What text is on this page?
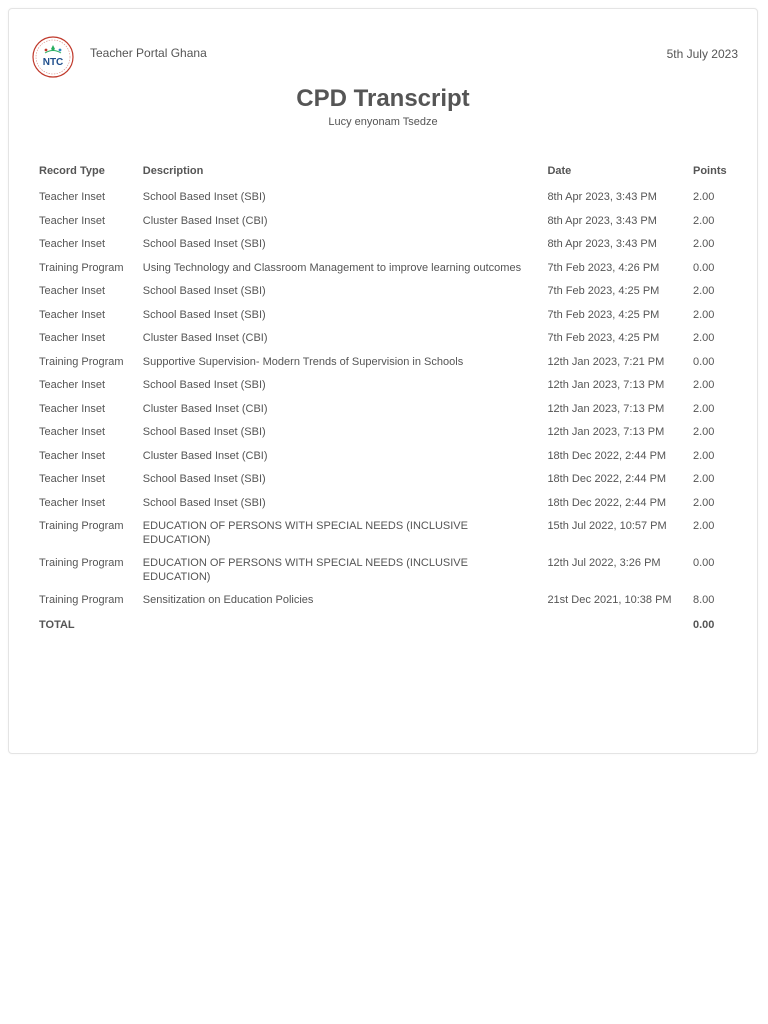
NTC
Teacher Portal Ghana	5th July 2023
CPD Transcript
Lucy enyonam Tsedze
Record Type	Description	Date	Points
Teacher Inset	School Based Inset (SBI)	8th Apr 2023, 3:43 PM	2.00
Teacher Inset	Cluster Based Inset (CBI)	8th Apr 2023, 3:43 PM	2.00
Teacher Inset	School Based Inset (SBI)	8th Apr 2023, 3:43 PM	2.00
Training Program	Using Technology and Classroom Management to improve learning outcomes	7th Feb 2023, 4:26 PM	0.00
Teacher Inset	School Based Inset (SBI)	7th Feb 2023, 4:25 PM	2.00
Teacher Inset	School Based Inset (SBI)	7th Feb 2023, 4:25 PM	2.00
Teacher Inset	Cluster Based Inset (CBI)	7th Feb 2023, 4:25 PM	2.00
Training Program	Supportive Supervision- Modern Trends of Supervision in Schools	12th Jan 2023, 7:21 PM	0.00
Teacher Inset	School Based Inset (SBI)	12th Jan 2023, 7:13 PM	2.00
Teacher Inset	Cluster Based Inset (CBI)	12th Jan 2023, 7:13 PM	2.00
Teacher Inset	School Based Inset (SBI)	12th Jan 2023, 7:13 PM	2.00
Teacher Inset	Cluster Based Inset (CBI)	18th Dec 2022, 2:44 PM	2.00
Teacher Inset	School Based Inset (SBI)	18th Dec 2022, 2:44 PM	2.00
Teacher Inset	School Based Inset (SBI)	18th Dec 2022, 2:44 PM	2.00
Training Program	EDUCATION OF PERSONS WITH SPECIAL NEEDS (INCLUSIVE EDUCATION)	15th Jul 2022, 10:57 PM	2.00
Training Program	EDUCATION OF PERSONS WITH SPECIAL NEEDS (INCLUSIVE EDUCATION)	12th Jul 2022, 3:26 PM	0.00
Training Program	Sensitization on Education Policies	21st Dec 2021, 10:38 PM	8.00
TOTAL			0.00
